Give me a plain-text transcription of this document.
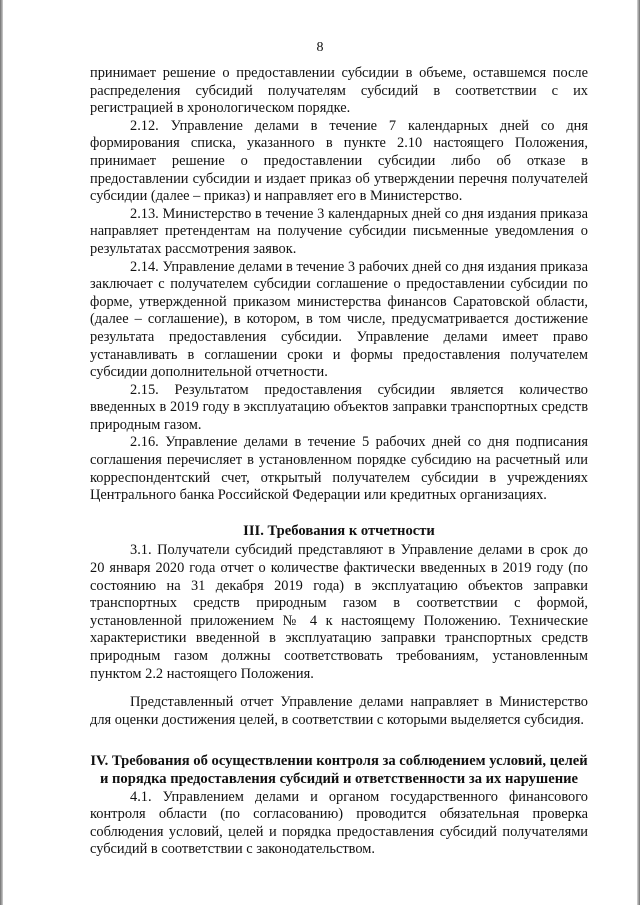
8

принимает решение о предоставлении субсидии в объеме, оставшемся после распределения субсидий получателям субсидий в соответствии с их регистрацией в хронологическом порядке.

2.12. Управление делами в течение 7 календарных дней со дня формирования списка, указанного в пункте 2.10 настоящего Положения, принимает решение о предоставлении субсидии либо об отказе в предоставлении субсидии и издает приказ об утверждении перечня получателей субсидии (далее – приказ) и направляет его в Министерство.

2.13. Министерство в течение 3 календарных дней со дня издания приказа направляет претендентам на получение субсидии письменные уведомления о результатах рассмотрения заявок.

2.14. Управление делами в течение 3 рабочих дней со дня издания приказа заключает с получателем субсидии соглашение о предоставлении субсидии по форме, утвержденной приказом министерства финансов Саратовской области, (далее – соглашение), в котором, в том числе, предусматривается достижение результата предоставления субсидии. Управление делами имеет право устанавливать в соглашении сроки и формы предоставления получателем субсидии дополнительной отчетности.

2.15. Результатом предоставления субсидии является количество введенных в 2019 году в эксплуатацию объектов заправки транспортных средств природным газом.

2.16. Управление делами в течение 5 рабочих дней со дня подписания соглашения перечисляет в установленном порядке субсидию на расчетный или корреспондентский счет, открытый получателем субсидии в учреждениях Центрального банка Российской Федерации или кредитных организациях.

III. Требования к отчетности

3.1. Получатели субсидий представляют в Управление делами в срок до 20 января 2020 года отчет о количестве фактически введенных в 2019 году (по состоянию на 31 декабря 2019 года) в эксплуатацию объектов заправки транспортных средств природным газом в соответствии с формой, установленной приложением № 4 к настоящему Положению. Технические характеристики введенной в эксплуатацию заправки транспортных средств природным газом должны соответствовать требованиям, установленным пунктом 2.2 настоящего Положения.

Представленный отчет Управление делами направляет в Министерство для оценки достижения целей, в соответствии с которыми выделяется субсидия.

IV. Требования об осуществлении контроля за соблюдением условий, целей и порядка предоставления субсидий и ответственности за их нарушение

4.1. Управлением делами и органом государственного финансового контроля области (по согласованию) проводится обязательная проверка соблюдения условий, целей и порядка предоставления субсидий получателями субсидий в соответствии с законодательством.
